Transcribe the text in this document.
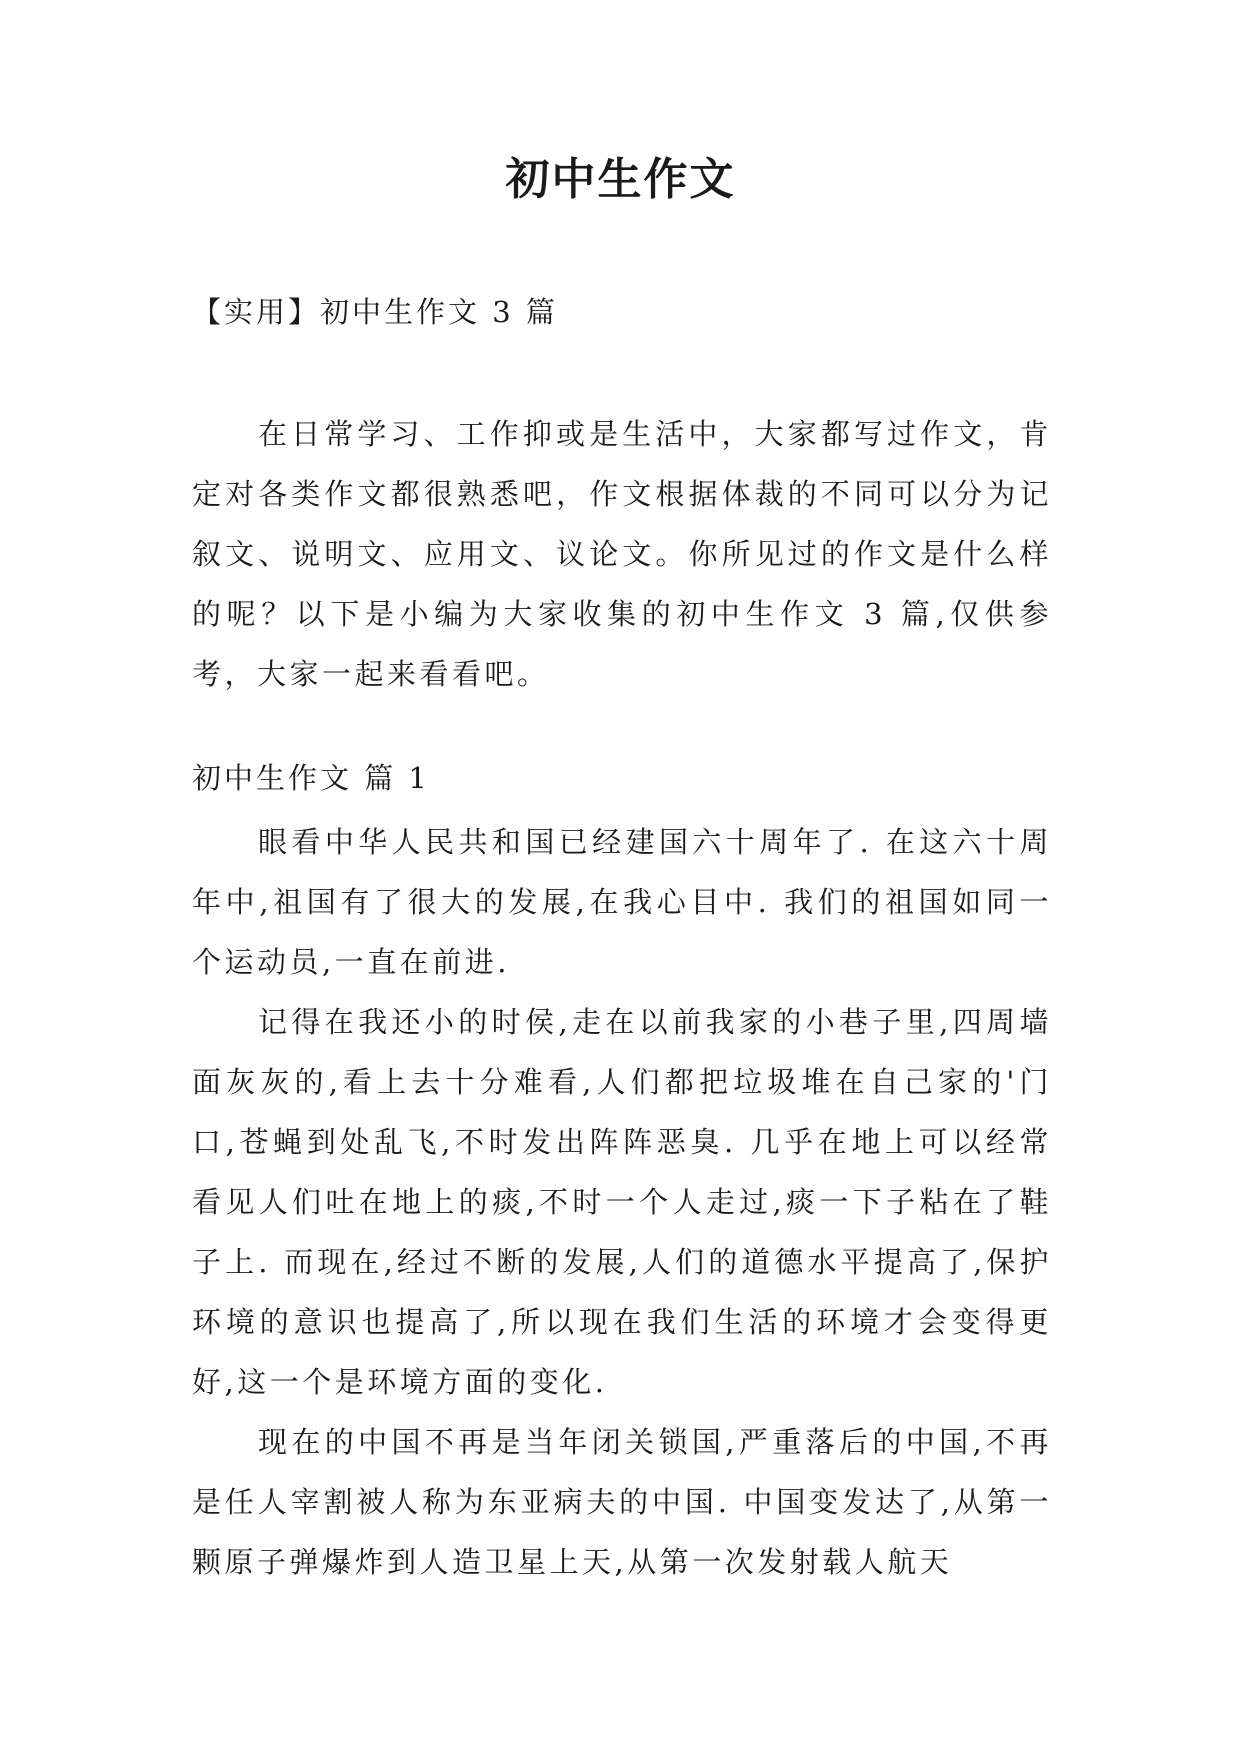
初中生作文

【实用】初中生作文 3 篇

在日常学习、工作抑或是生活中，大家都写过作文，肯定对各类作文都很熟悉吧，作文根据体裁的不同可以分为记叙文、说明文、应用文、议论文。你所见过的作文是什么样的呢？以下是小编为大家收集的初中生作文 3 篇,仅供参考，大家一起来看看吧。

初中生作文 篇 1

眼看中华人民共和国已经建国六十周年了. 在这六十周年中,祖国有了很大的发展,在我心目中. 我们的祖国如同一个运动员,一直在前进.

记得在我还小的时侯,走在以前我家的小巷子里,四周墙面灰灰的,看上去十分难看,人们都把垃圾堆在自己家的'门口,苍蝇到处乱飞,不时发出阵阵恶臭. 几乎在地上可以经常看见人们吐在地上的痰,不时一个人走过,痰一下子粘在了鞋子上. 而现在,经过不断的发展,人们的道德水平提高了,保护环境的意识也提高了,所以现在我们生活的环境才会变得更好,这一个是环境方面的变化.

现在的中国不再是当年闭关锁国,严重落后的中国,不再是任人宰割被人称为东亚病夫的中国. 中国变发达了,从第一颗原子弹爆炸到人造卫星上天,从第一次发射载人航天
